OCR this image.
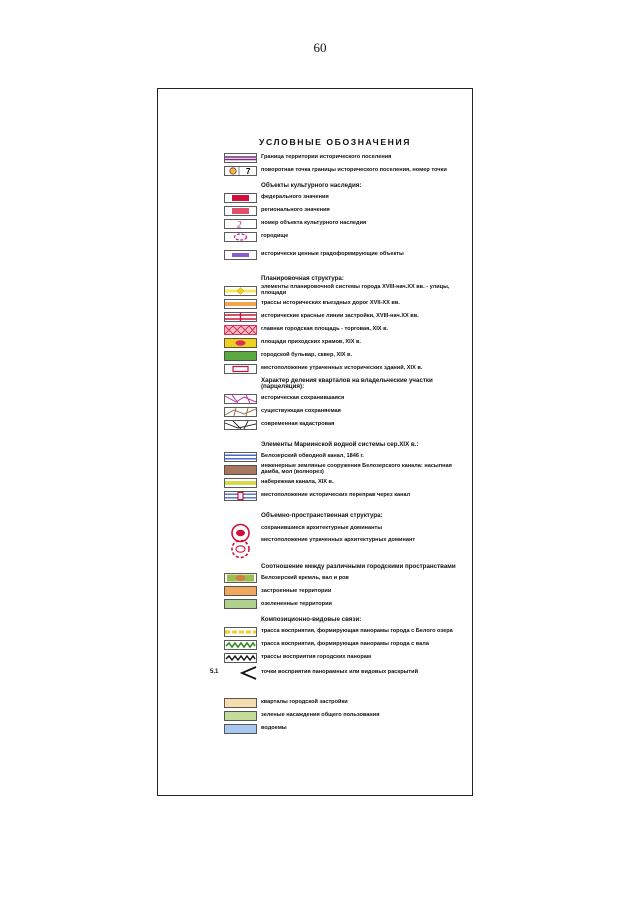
60
УСЛОВНЫЕ ОБОЗНАЧЕНИЯ
Граница территории исторического поселения
7 поворотная точка границы исторического поселения, номер точки
Объекты культурного наследия:
федерального значения
регионального значения
2	номер объекта культурного наследия
городище
исторически ценные градоформирующие объекты
Планировочная структура:
элементы планировочной системы города XVIII-нач.XX вв. - улицы, площади
трассы исторических въездных дорог XVII-XX вв.
исторические красные линии застройки, XVIII-нач.XX вв.
главная городская площадь - торговая, XIX в.
площади приходских храмов, XIX в.
городской бульвар, сквер, XIX в.
местоположение утраченных исторических зданий, XIX в.
Характер деления кварталов на владельческие участки (парцеляция):
историческая сохранившаяся
существующая сохраняемая
современная кадастровая
Элементы Мариинской водной системы сер.XIX в.:
Белозерский обводной канал, 1846 г.
инженерные земляные сооружения Белозерского канала: насыпная дамба, мол (волнорез)
набережная канала, XIX в.
местоположение исторических переправ через канал
Объемно-пространственная структура:
сохранившиеся архитектурные доминанты
местоположение утраченных архитектурных доминант
Соотношение между различными городскими пространствами
Белозерский кремль, вал и ров
застроенные территории
озелененные территории
Композиционно-видовые связи:
трасса восприятия, формирующая панорамы города с Белого озера
трасса восприятия, формирующая панорамы города с вала
трассы восприятия городских панорам
5.1	точки восприятия панорамных или видовых раскрытий
кварталы городской застройки
зеленые насаждения общего пользования
водоемы
